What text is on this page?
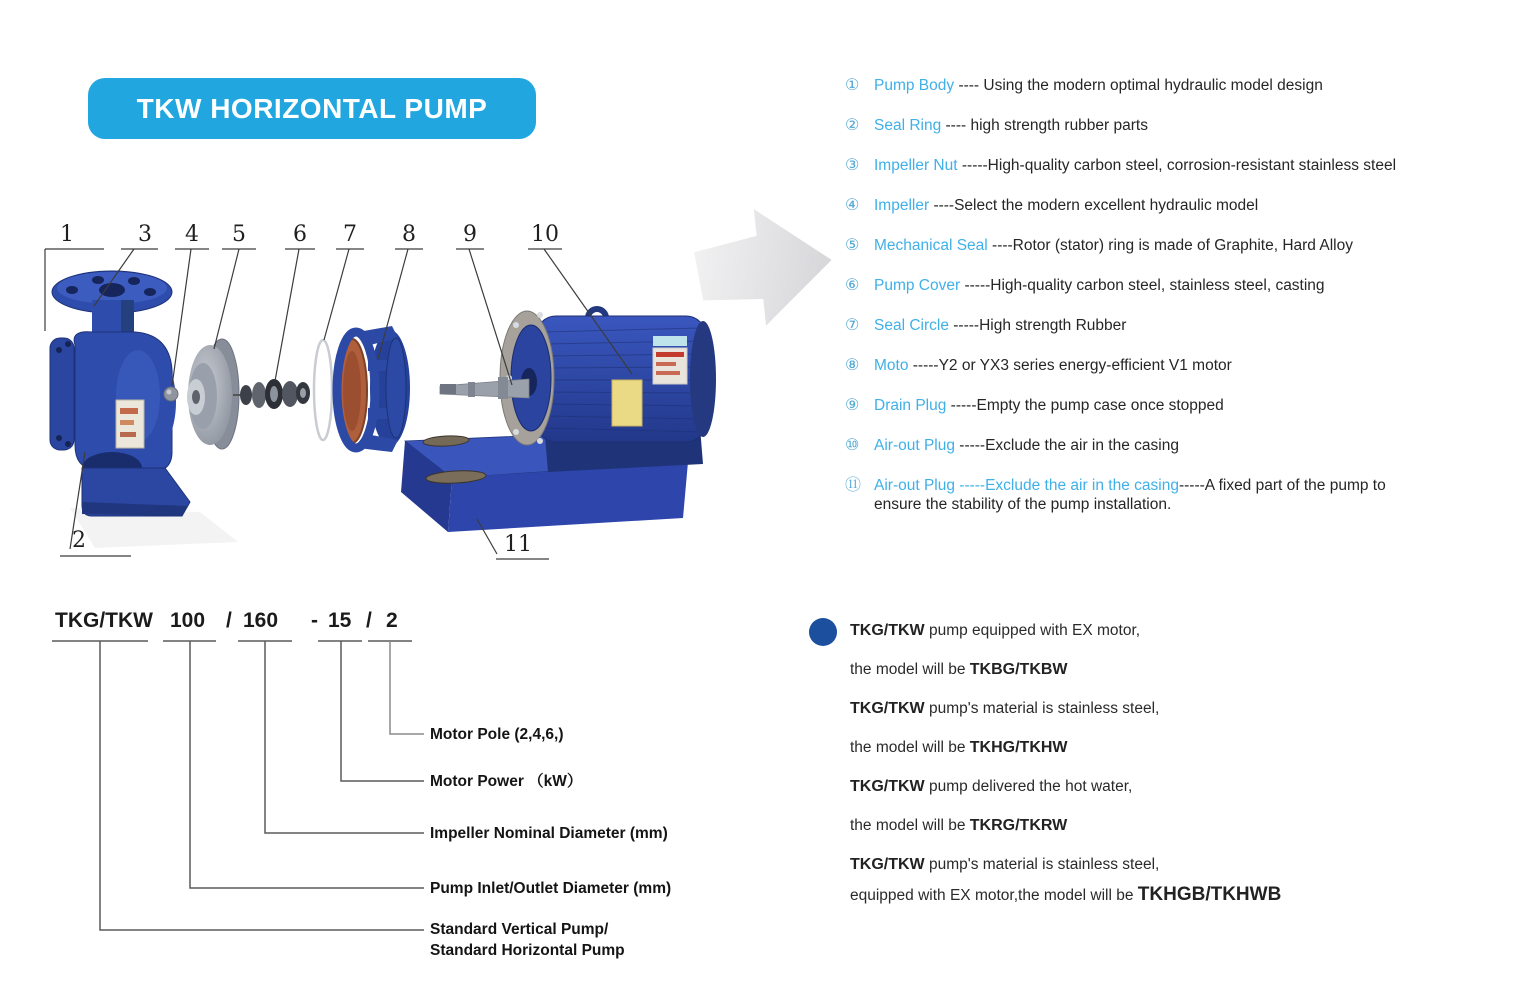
TKW HORIZONTAL PUMP
1	3 4 5 6 7 8 9 10
2	11
① Pump Body ---- Using the modern optimal hydraulic model design
② Seal Ring ---- high strength rubber parts
③ Impeller Nut -----High-quality carbon steel, corrosion-resistant stainless steel
④ Impeller ----Select the modern excellent hydraulic model
⑤ Mechanical Seal ----Rotor (stator) ring is made of Graphite, Hard Alloy
⑥ Pump Cover -----High-quality carbon steel, stainless steel, casting
⑦ Seal Circle -----High strength Rubber
⑧ Moto -----Y2 or YX3 series energy-efficient V1 motor
⑨ Drain Plug -----Empty the pump case once stopped
⑩ Air-out Plug -----Exclude the air in the casing
⑪ Air-out Plug -----Exclude the air in the casing-----A fixed part of the pump to
ensure the stability of the pump installation.
TKG/TKW 100 / 160 - 15 / 2
Motor Pole (2,4,6,)
Motor Power （kW）
Impeller Nominal Diameter (mm)
Pump Inlet/Outlet Diameter (mm)
Standard Vertical Pump/
Standard Horizontal Pump
TKG/TKW pump equipped with EX motor,
the model will be TKBG/TKBW
TKG/TKW pump's material is stainless steel,
the model will be TKHG/TKHW
TKG/TKW pump delivered the hot water,
the model will be TKRG/TKRW
TKG/TKW pump's material is stainless steel,
equipped with EX motor,the model will be TKHGB/TKHWB
